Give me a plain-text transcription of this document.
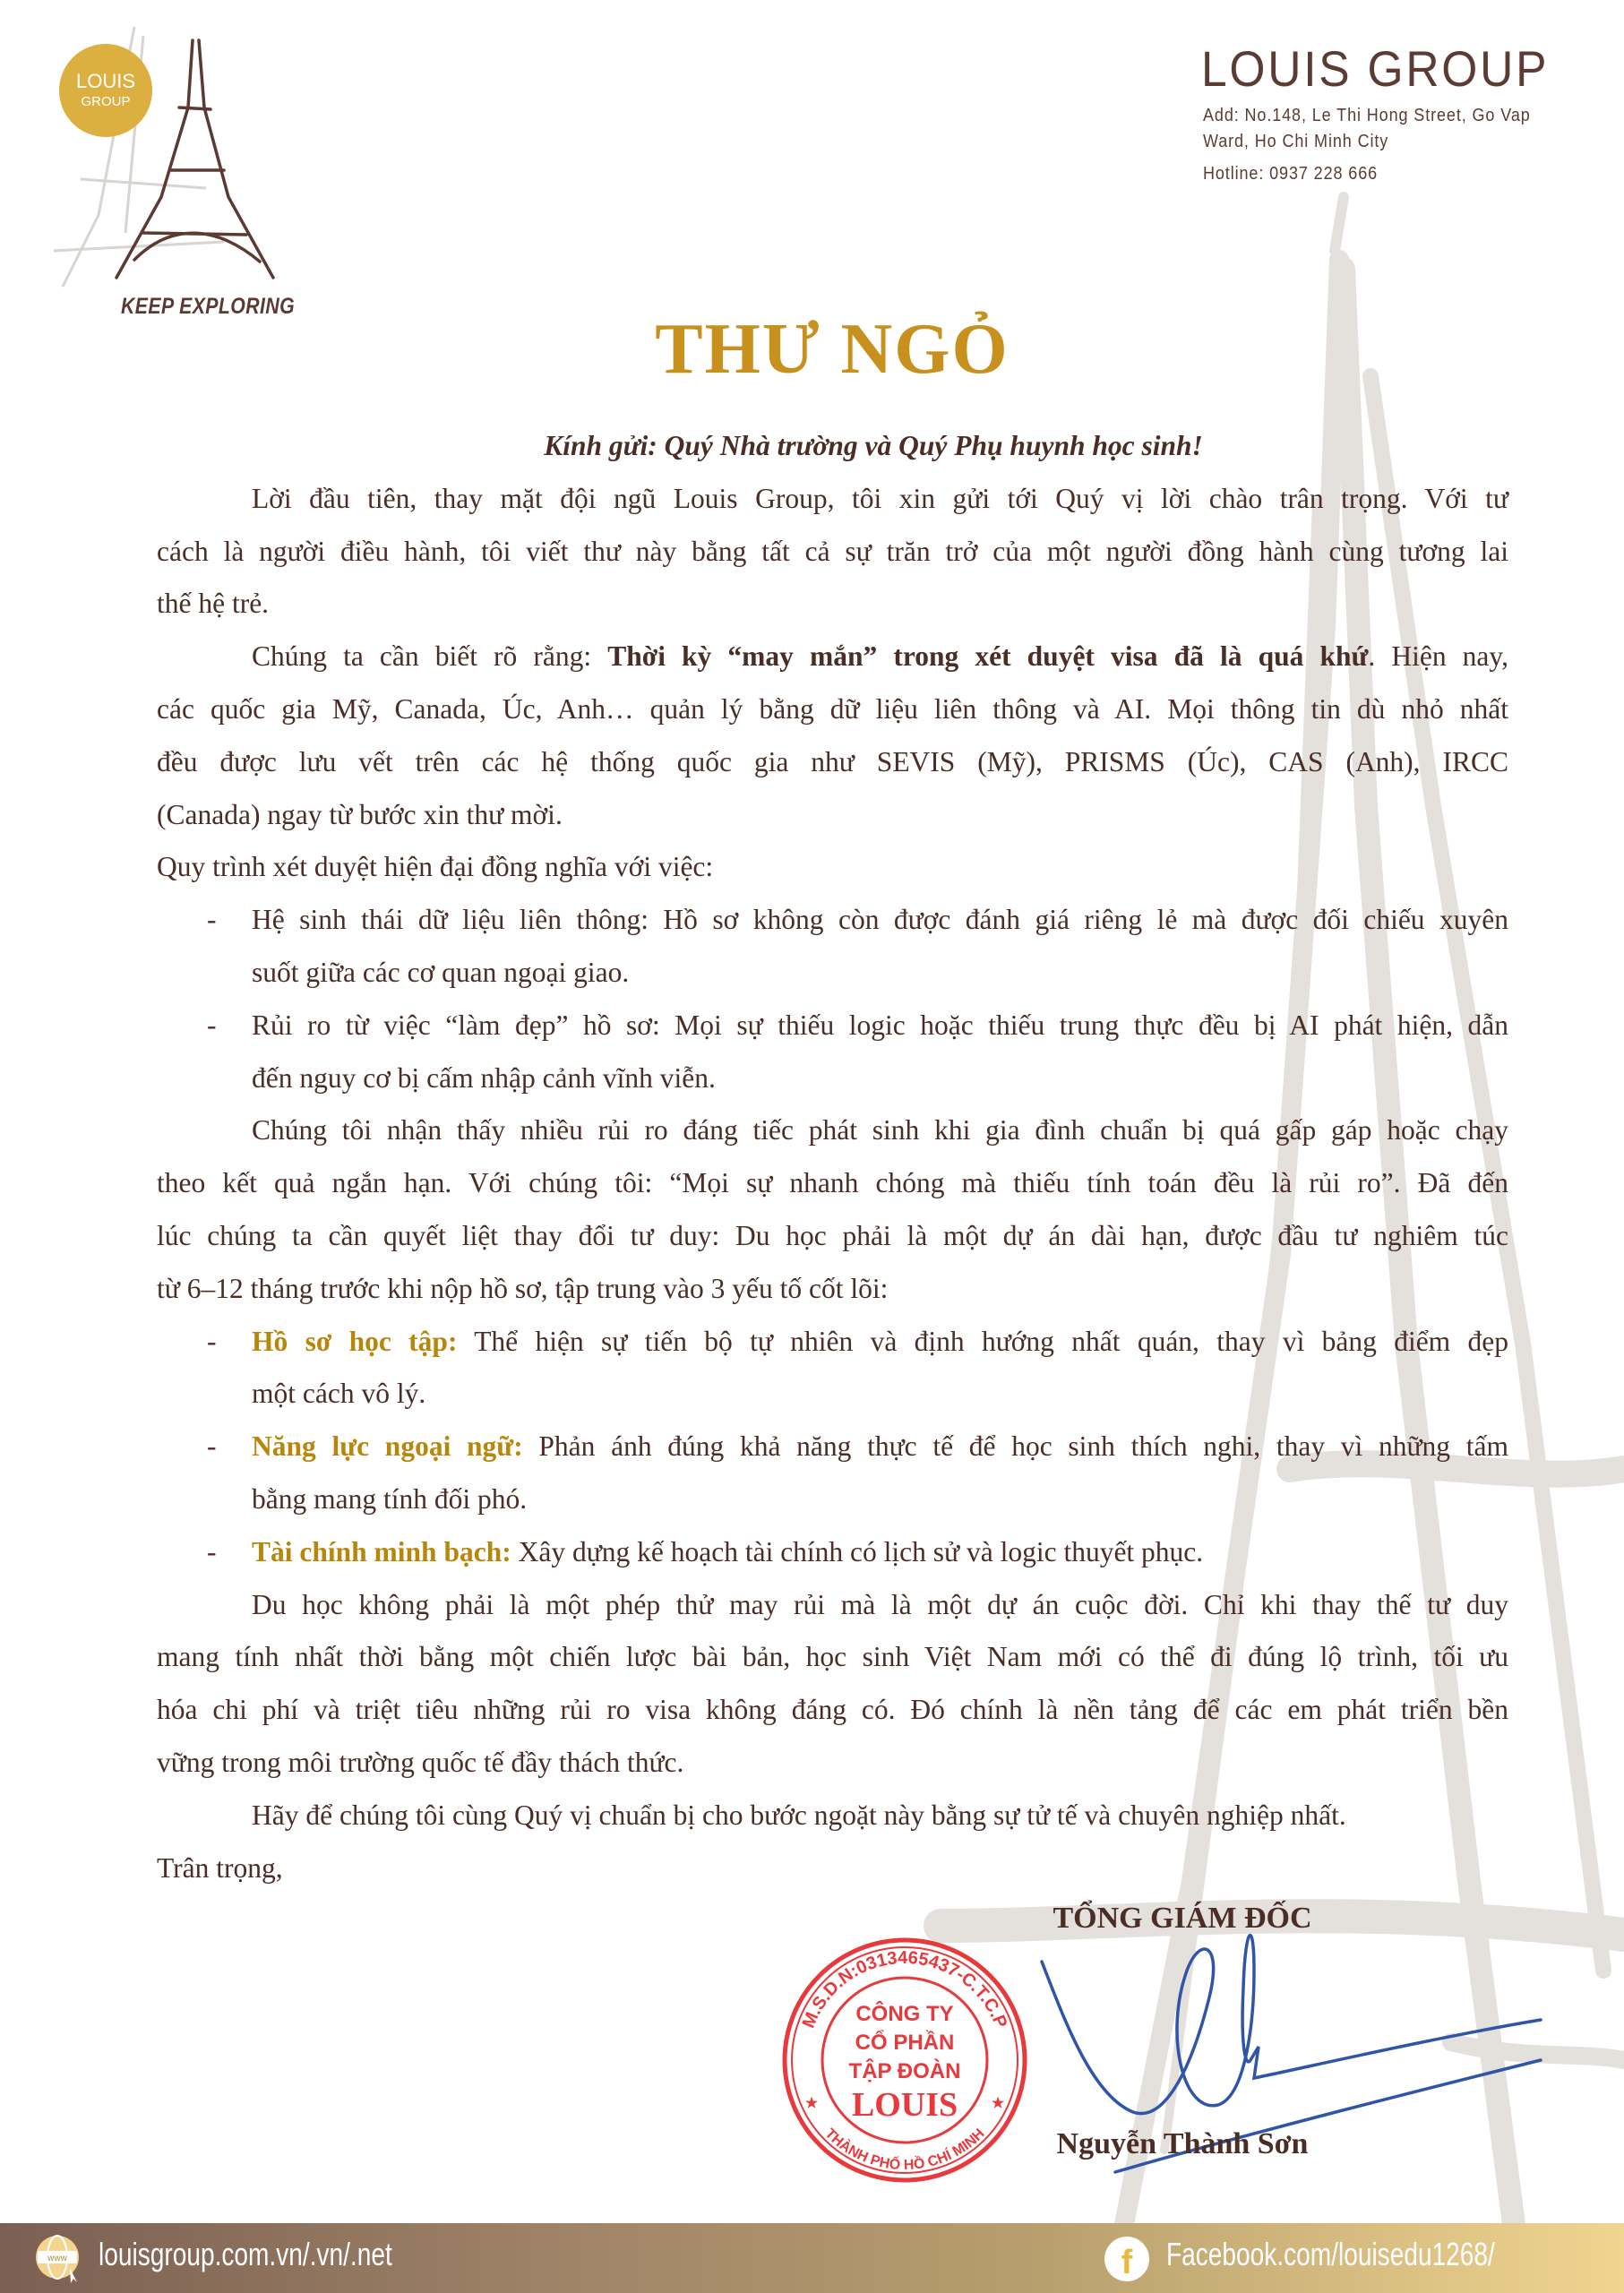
LOUIS
GROUP
KEEP EXPLORING
LOUIS GROUP
Add: No.148, Le Thi Hong Street, Go Vap
Ward, Ho Chi Minh City
Hotline: 0937 228 666
THƯ NGỎ
Kính gửi: Quý Nhà trường và Quý Phụ huynh học sinh!
Lời đầu tiên, thay mặt đội ngũ Louis Group, tôi xin gửi tới Quý vị lời chào trân trọng. Với tư
cách là người điều hành, tôi viết thư này bằng tất cả sự trăn trở của một người đồng hành cùng tương lai
thế hệ trẻ.
Chúng ta cần biết rõ rằng: Thời kỳ “may mắn” trong xét duyệt visa đã là quá khứ. Hiện nay,
các quốc gia Mỹ, Canada, Úc, Anh… quản lý bằng dữ liệu liên thông và AI. Mọi thông tin dù nhỏ nhất
đều được lưu vết trên các hệ thống quốc gia như SEVIS (Mỹ), PRISMS (Úc), CAS (Anh), IRCC
(Canada) ngay từ bước xin thư mời.
Quy trình xét duyệt hiện đại đồng nghĩa với việc:
- Hệ sinh thái dữ liệu liên thông: Hồ sơ không còn được đánh giá riêng lẻ mà được đối chiếu xuyên
suốt giữa các cơ quan ngoại giao.
- Rủi ro từ việc “làm đẹp” hồ sơ: Mọi sự thiếu logic hoặc thiếu trung thực đều bị AI phát hiện, dẫn
đến nguy cơ bị cấm nhập cảnh vĩnh viễn.
Chúng tôi nhận thấy nhiều rủi ro đáng tiếc phát sinh khi gia đình chuẩn bị quá gấp gáp hoặc chạy
theo kết quả ngắn hạn. Với chúng tôi: “Mọi sự nhanh chóng mà thiếu tính toán đều là rủi ro”. Đã đến
lúc chúng ta cần quyết liệt thay đổi tư duy: Du học phải là một dự án dài hạn, được đầu tư nghiêm túc
từ 6–12 tháng trước khi nộp hồ sơ, tập trung vào 3 yếu tố cốt lõi:
- Hồ sơ học tập: Thể hiện sự tiến bộ tự nhiên và định hướng nhất quán, thay vì bảng điểm đẹp
một cách vô lý.
- Năng lực ngoại ngữ: Phản ánh đúng khả năng thực tế để học sinh thích nghi, thay vì những tấm
bằng mang tính đối phó.
- Tài chính minh bạch: Xây dựng kế hoạch tài chính có lịch sử và logic thuyết phục.
Du học không phải là một phép thử may rủi mà là một dự án cuộc đời. Chỉ khi thay thế tư duy
mang tính nhất thời bằng một chiến lược bài bản, học sinh Việt Nam mới có thể đi đúng lộ trình, tối ưu
hóa chi phí và triệt tiêu những rủi ro visa không đáng có. Đó chính là nền tảng để các em phát triển bền
vững trong môi trường quốc tế đầy thách thức.
Hãy để chúng tôi cùng Quý vị chuẩn bị cho bước ngoặt này bằng sự tử tế và chuyên nghiệp nhất.
Trân trọng,
M.S.D.N:0313465437-C.T.C.P
THÀNH PHỐ HỒ CHÍ MINH
★	★
CÔNG TY
CỔ PHẦN
TẬP ĐOÀN
LOUIS
TỔNG GIÁM ĐỐC
Nguyễn Thành Sơn
www louisgroup.com.vn/.vn/.net	f Facebook.com/louisedu1268/
